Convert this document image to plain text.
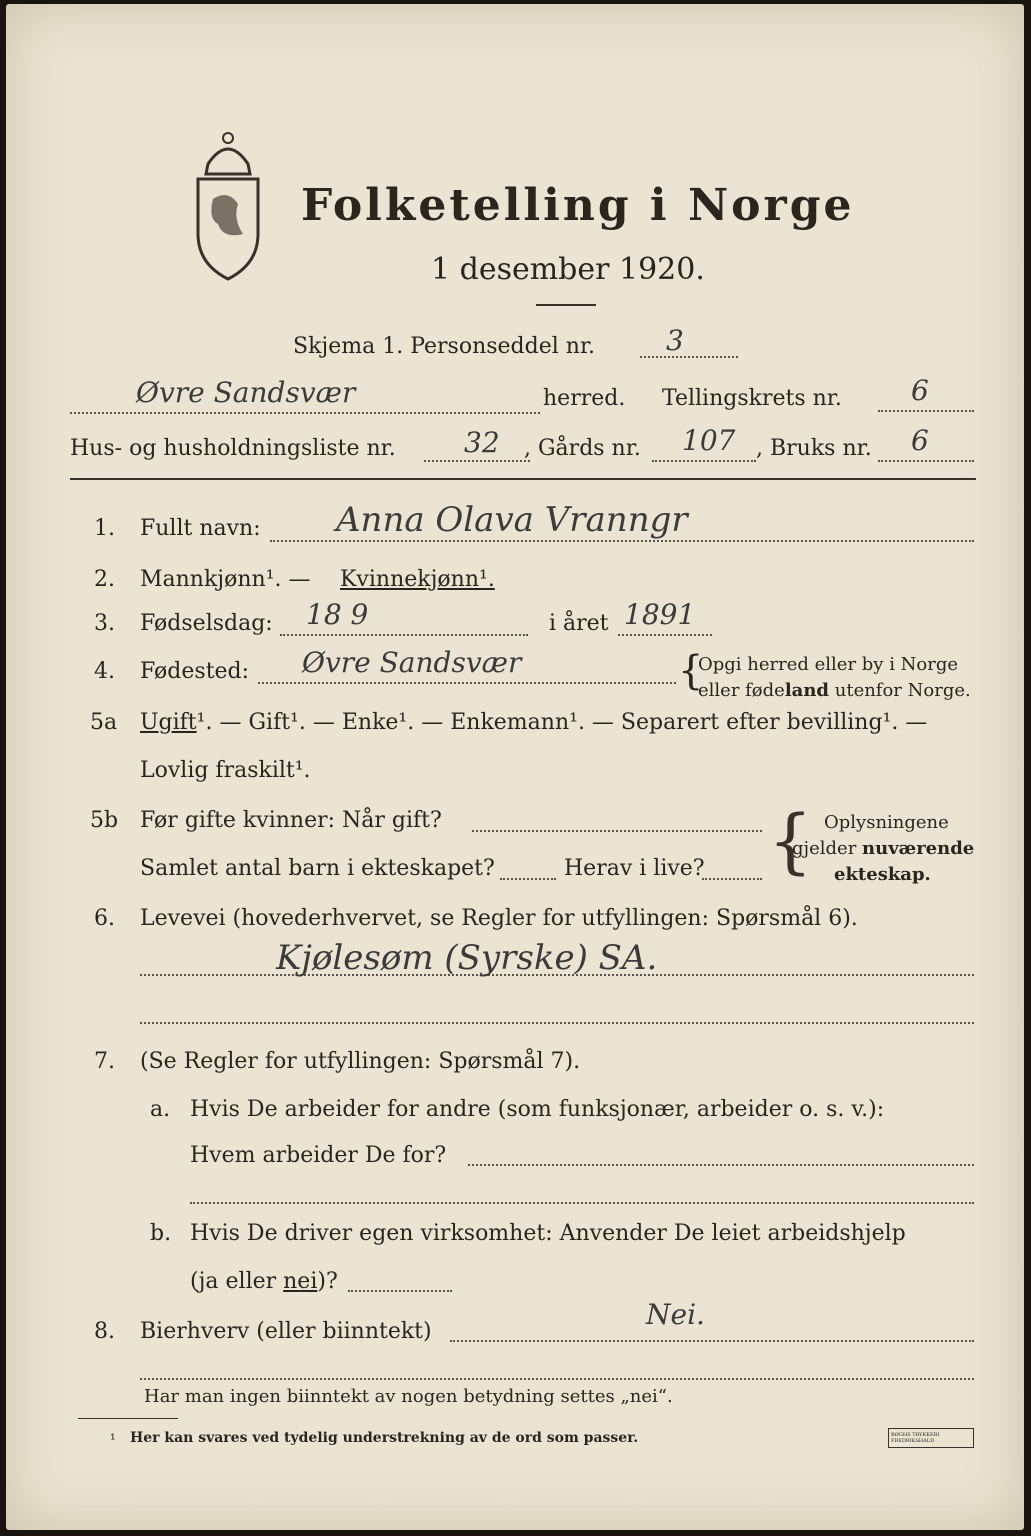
Folketelling i Norge
1 desember 1920.
Skjema 1. Personseddel nr.	3
Øvre Sandsvær	herred. Tellingskrets nr. 6
Hus- og husholdningsliste nr. 32 , Gårds nr. 107 , Bruks nr. 6
1. Fullt navn: Anna Olava Vranngr
2. Mannkjønn¹. — Kvinnekjønn¹.
3. Fødselsdag: 18 9	i året 1891
4. Fødested: Øvre Sandsvær	{
Opgi herred eller by i Norge
eller fødeland utenfor Norge.
5a Ugift¹. — Gift¹. — Enke¹. — Enkemann¹. — Separert efter bevilling¹. —
Lovlig fraskilt¹.
5b Før gifte kvinner: Når gift?
Samlet antal barn i ekteskapet?	Herav i live? { Oplysningene
gjelder nuværende
ekteskap.
6. Levevei (hovederhvervet, se Regler for utfyllingen: Spørsmål 6).
Kjølesøm (Syrske) SA.
7. (Se Regler for utfyllingen: Spørsmål 7).
a. Hvis De arbeider for andre (som funksjonær, arbeider o. s. v.):
Hvem arbeider De for?
b. Hvis De driver egen virksomhet: Anvender De leiet arbeidshjelp
(ja eller nei)?
8. Bierhverv (eller biinntekt)
Nei.
Har man ingen biinntekt av nogen betydning settes „nei“.
¹ Her kan svares ved tydelig understrekning av de ord som passer.	BØGHS TRYKKERI FREDRIKSHALD
